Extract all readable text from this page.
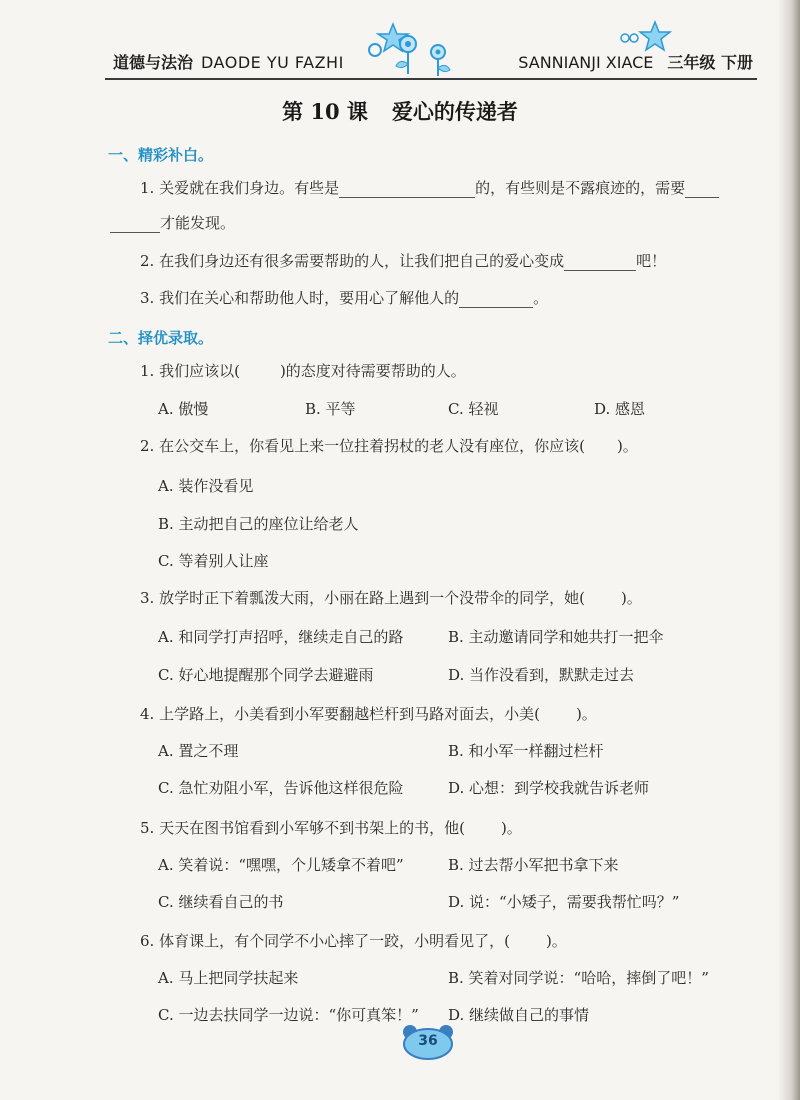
道德与法治 DAODE YU FAZHI	SANNIANJI XIACE 三年级 下册
第 10 课 爱心的传递者
一、精彩补白。
1. 关爱就在我们身边。有些是	的，有些则是不露痕迹的，需要
才能发现。
2. 在我们身边还有很多需要帮助的人，让我们把自己的爱心变成	吧！
3. 我们在关心和帮助他人时，要用心了解他人的	。
二、择优录取。
1. 我们应该以(	)的态度对待需要帮助的人。
A. 傲慢	B. 平等	C. 轻视	D. 感恩
2. 在公交车上，你看见上来一位拄着拐杖的老人没有座位，你应该( )。
A. 装作没看见
B. 主动把自己的座位让给老人
C. 等着别人让座
3. 放学时正下着瓢泼大雨，小丽在路上遇到一个没带伞的同学，她( )。
A. 和同学打声招呼，继续走自己的路	B. 主动邀请同学和她共打一把伞
C. 好心地提醒那个同学去避避雨	D. 当作没看到，默默走过去
4. 上学路上，小美看到小军要翻越栏杆到马路对面去，小美( )。
A. 置之不理	B. 和小军一样翻过栏杆
C. 急忙劝阻小军，告诉他这样很危险	D. 心想：到学校我就告诉老师
5. 天天在图书馆看到小军够不到书架上的书，他( )。
A. 笑着说：“嘿嘿，个儿矮拿不着吧”	B. 过去帮小军把书拿下来
C. 继续看自己的书	D. 说：“小矮子，需要我帮忙吗？”
6. 体育课上，有个同学不小心摔了一跤，小明看见了，( )。
A. 马上把同学扶起来	B. 笑着对同学说：“哈哈，摔倒了吧！”
C. 一边去扶同学一边说：“你可真笨！” D. 继续做自己的事情
36
